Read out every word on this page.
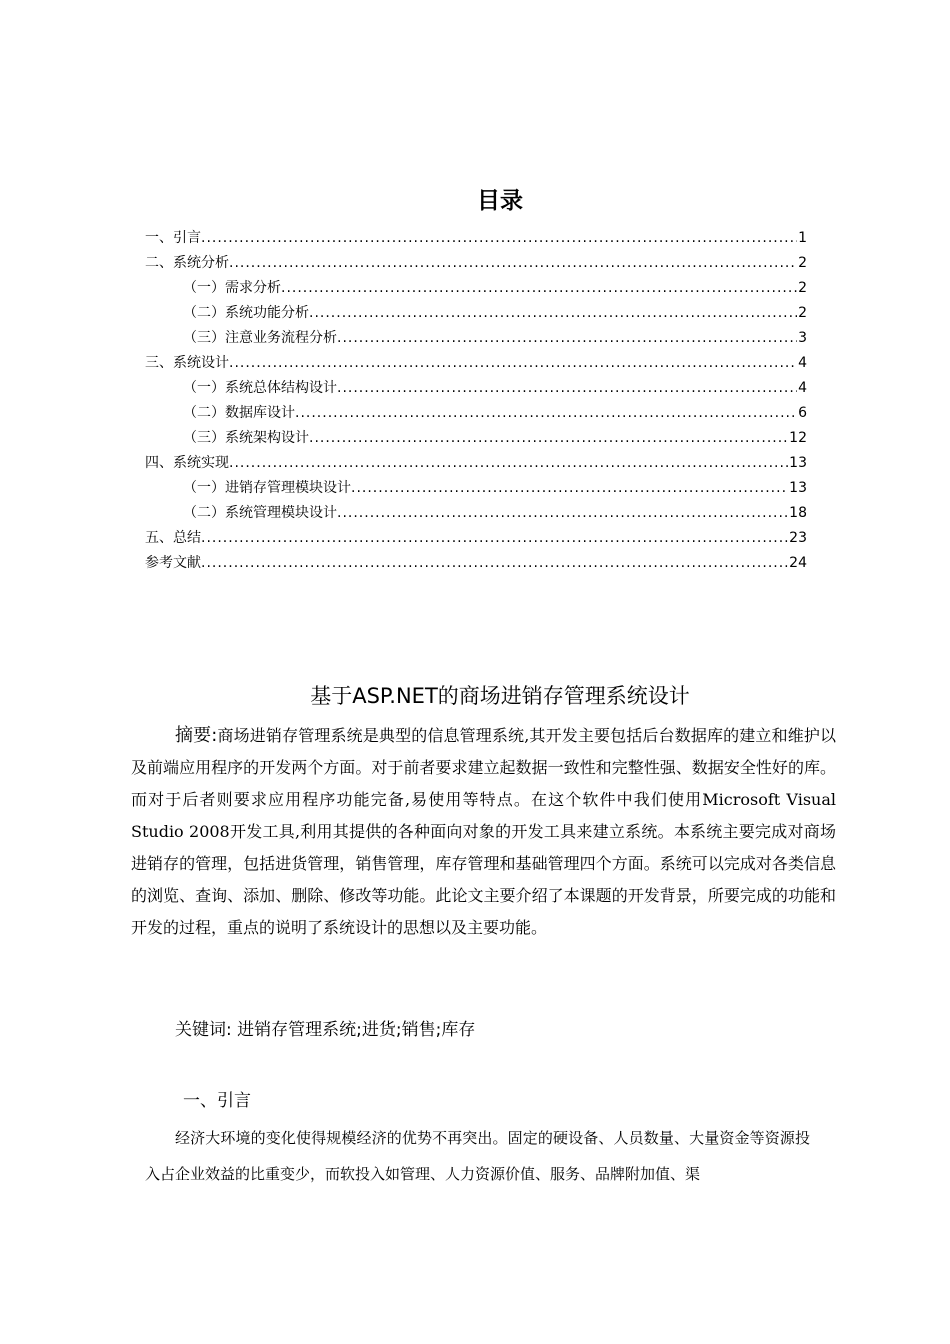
目录
一、引言 .....	1
二、系统分析 .....	2
（一）需求分析 .....	2
（二）系统功能分析 .....	2
（三）注意业务流程分析 .....	3
三、系统设计 .....	4
（一）系统总体结构设计 .....	4
（二）数据库设计 .....	6
（三）系统架构设计 .....	12
四、系统实现 .....	13
（一）进销存管理模块设计 .....	13
（二）系统管理模块设计 .....	18
五、总结 .....	23
参考文献 .....	24
基于ASP.NET的商场进销存管理系统设计

摘要:商场进销存管理系统是典型的信息管理系统,其开发主要包括后台数据库的建立和维护以及前端应用程序的开发两个方面。对于前者要求建立起数据一致性和完整性强、数据安全性好的库。而对于后者则要求应用程序功能完备,易使用等特点。在这个软件中我们使用Microsoft Visual Studio 2008开发工具,利用其提供的各种面向对象的开发工具来建立系统。本系统主要完成对商场进销存的管理，包括进货管理，销售管理，库存管理和基础管理四个方面。系统可以完成对各类信息的浏览、查询、添加、删除、修改等功能。此论文主要介绍了本课题的开发背景，所要完成的功能和开发的过程，重点的说明了系统设计的思想以及主要功能。

关键词: 进销存管理系统;进货;销售;库存
一、引言

经济大环境的变化使得规模经济的优势不再突出。固定的硬设备、人员数量、大量资金等资源投入占企业效益的比重变少，而软投入如管理、人力资源价值、服务、品牌附加值、渠
